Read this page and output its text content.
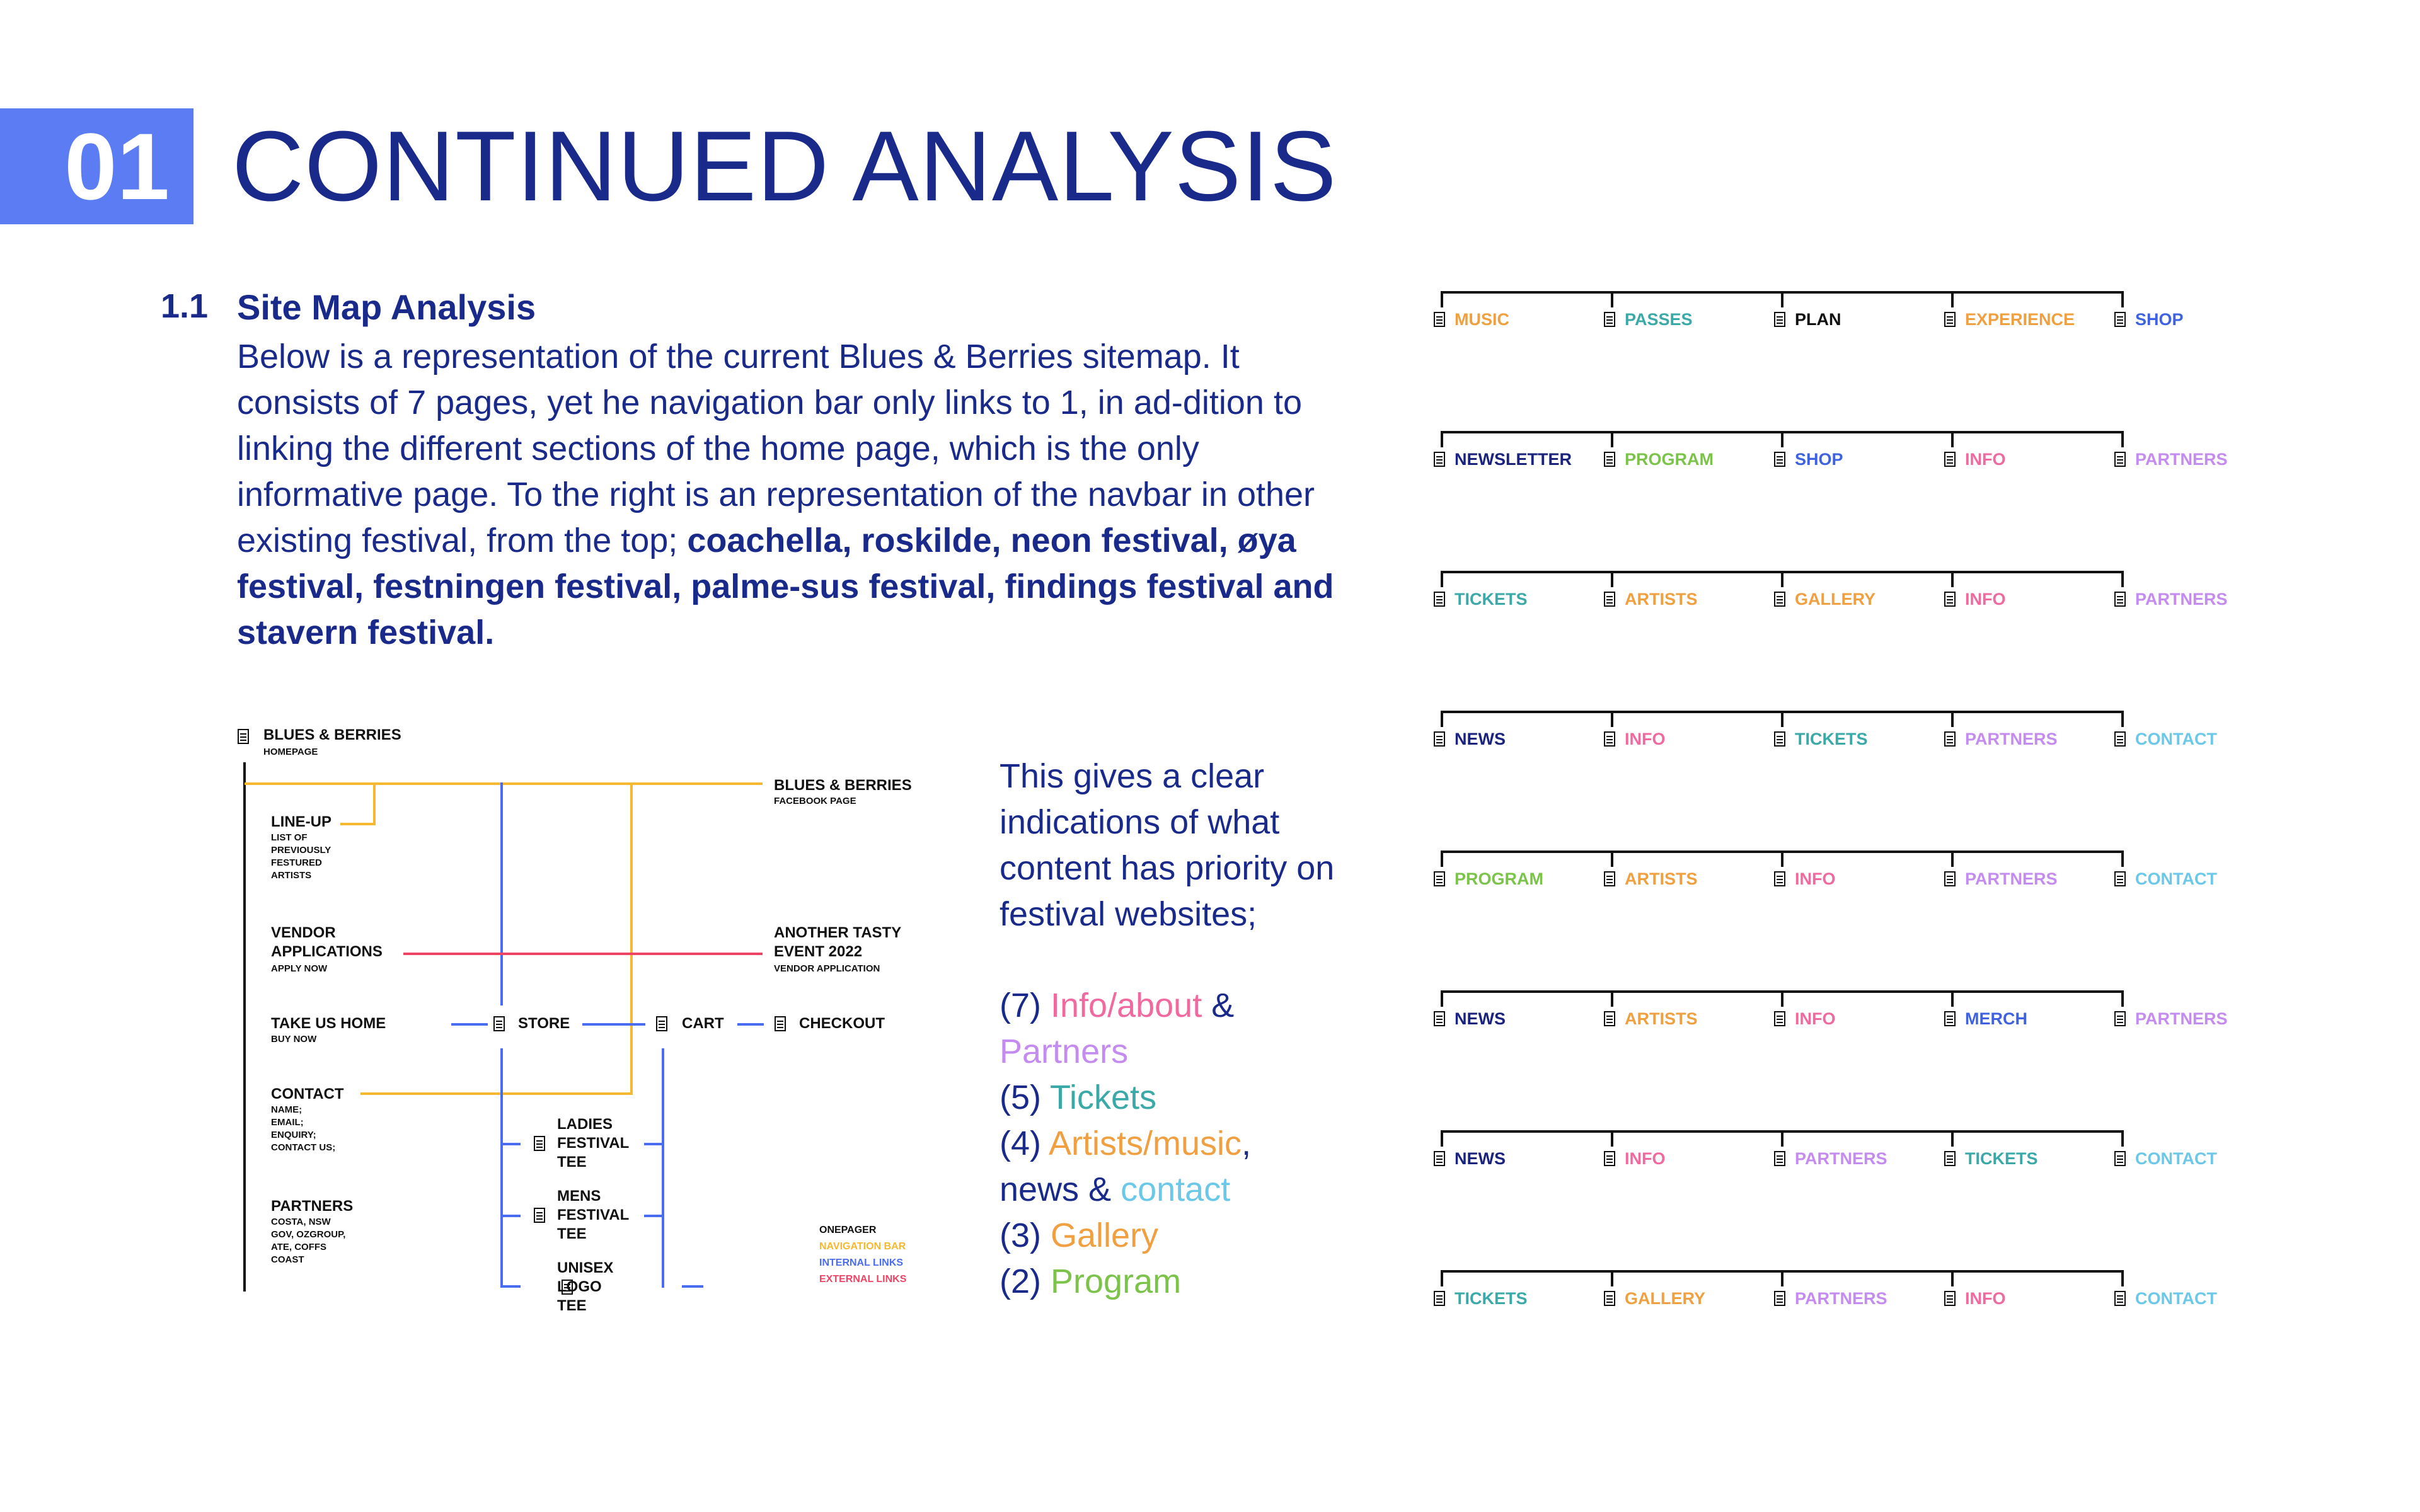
01 CONTINUED ANALYSIS
1.1 Site Map Analysis
Below is a representation of the current Blues & Berries sitemap. It consists of 7 pages, yet he navigation bar only links to 1, in ad-dition to linking the different sections of the home page, which is the only informative page. To the right is an representation of the navbar in other existing festival, from the top; coachella, roskilde, neon festival, øya festival, festningen festival, palme-sus festival, findings festival and stavern festival.
BLUES & BERRIES
HOMEPAGE
LINE-UP
LIST OF
PREVIOUSLY
FESTURED
ARTISTS
VENDOR
APPLICATIONS
APPLY NOW
TAKE US HOME
BUY NOW
CONTACT
NAME;
EMAIL;
ENQUIRY;
CONTACT US;
PARTNERS
COSTA, NSW
GOV, OZGROUP,
ATE, COFFS
COAST
BLUES & BERRIES
FACEBOOK PAGE
ANOTHER TASTY
EVENT 2022
VENDOR APPLICATION
STORE	CART	CHECKOUT
LADIES
FESTIVAL
TEE
MENS
FESTIVAL
TEE
UNISEX
LOGO
TEE
ONEPAGER
NAVIGATION BAR
INTERNAL LINKS
EXTERNAL LINKS
This gives a clear indications of what content has priority on festival websites;
(7) Info/about &
Partners
(5) Tickets
(4) Artists/music,
news & contact
(3) Gallery
(2) Program
MUSIC	PASSES	PLAN	EXPERIENCE	SHOP
NEWSLETTER	PROGRAM	SHOP	INFO	PARTNERS
TICKETS	ARTISTS	GALLERY	INFO	PARTNERS
NEWS	INFO	TICKETS	PARTNERS	CONTACT
PROGRAM	ARTISTS	INFO	PARTNERS	CONTACT
NEWS	ARTISTS	INFO	MERCH	PARTNERS
NEWS	INFO	PARTNERS	TICKETS	CONTACT
TICKETS	GALLERY	PARTNERS	INFO	CONTACT
